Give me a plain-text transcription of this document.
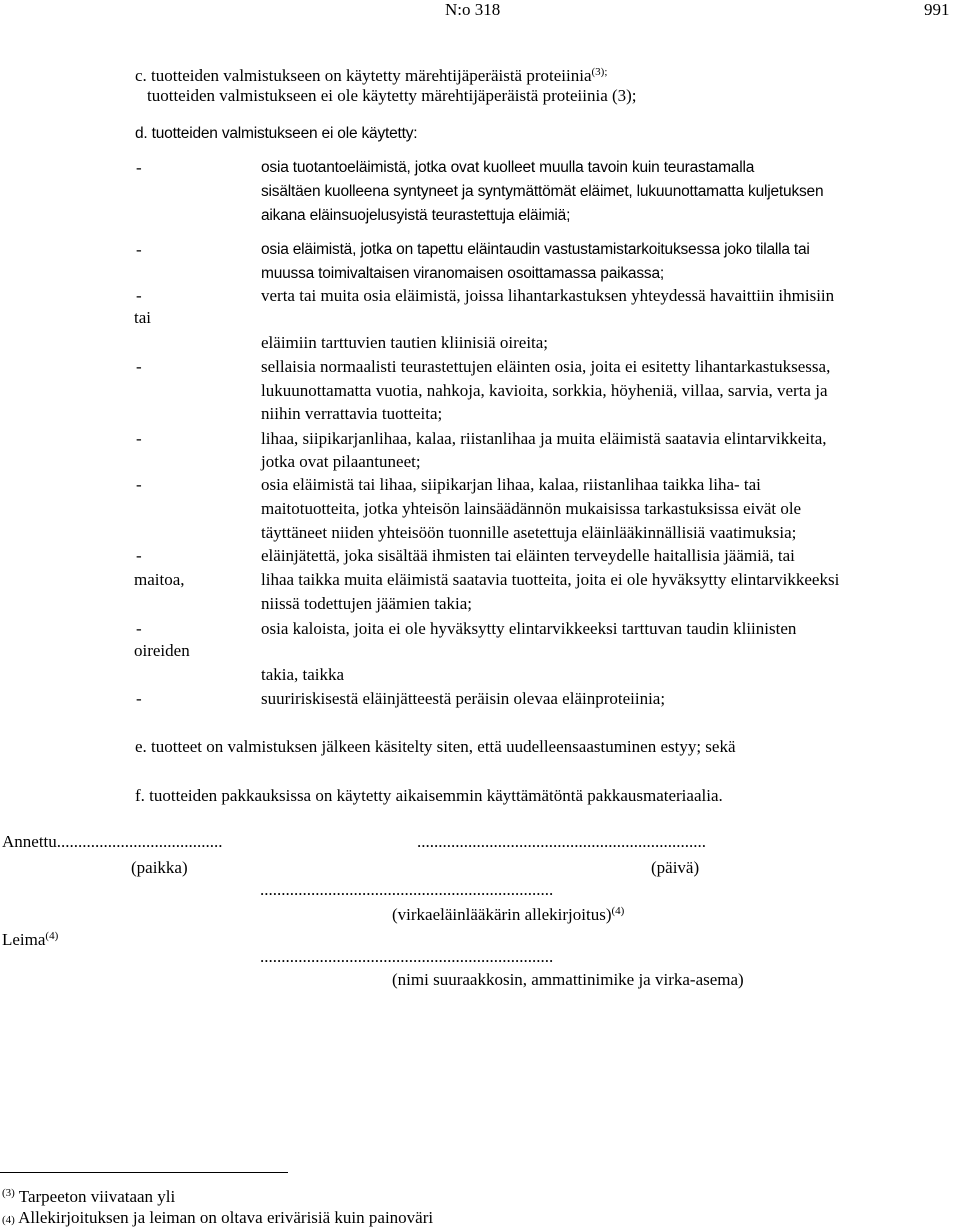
N:o 318	991
c. tuotteiden valmistukseen on käytetty märehtijäperäistä proteiinia$^{(3);}$
tuotteiden valmistukseen ei ole käytetty märehtijäperäistä proteiinia (3);
d. tuotteiden valmistukseen ei ole käytetty:
-	osia tuotantoeläimistä, jotka ovat kuolleet muulla tavoin kuin teurastamalla
sisältäen kuolleena syntyneet ja syntymättömät eläimet, lukuunottamatta kuljetuksen
aikana eläinsuojelusyistä teurastettuja eläimiä;
-	osia eläimistä, jotka on tapettu eläintaudin vastustamistarkoituksessa joko tilalla tai
muussa toimivaltaisen viranomaisen osoittamassa paikassa;
-	verta tai muita osia eläimistä, joissa lihantarkastuksen yhteydessä havaittiin ihmisiin
tai
eläimiin tarttuvien tautien kliinisiä oireita;
-	sellaisia normaalisti teurastettujen eläinten osia, joita ei esitetty lihantarkastuksessa,
lukuunottamatta vuotia, nahkoja, kavioita, sorkkia, höyheniä, villaa, sarvia, verta ja
niihin verrattavia tuotteita;
-	lihaa, siipikarjanlihaa, kalaa, riistanlihaa ja muita eläimistä saatavia elintarvikkeita,
jotka ovat pilaantuneet;
-	osia eläimistä tai lihaa, siipikarjan lihaa, kalaa, riistanlihaa taikka liha- tai
maitotuotteita, jotka yhteisön lainsäädännön mukaisissa tarkastuksissa eivät ole
täyttäneet niiden yhteisöön tuonnille asetettuja eläinlääkinnällisiä vaatimuksia;
-	eläinjätettä, joka sisältää ihmisten tai eläinten terveydelle haitallisia jäämiä, tai
maitoa,	lihaa taikka muita eläimistä saatavia tuotteita, joita ei ole hyväksytty elintarvikkeeksi
niissä todettujen jäämien takia;
-	osia kaloista, joita ei ole hyväksytty elintarvikkeeksi tarttuvan taudin kliinisten
oireiden
takia, taikka
-	suuririskisestä eläinjätteestä peräisin olevaa eläinproteiinia;
e. tuotteet on valmistuksen jälkeen käsitelty siten, että uudelleensaastuminen estyy; sekä
f. tuotteiden pakkauksissa on käytetty aikaisemmin käyttämätöntä pakkausmateriaalia.
Annettu.......................................	....................................................................
(paikka)	(päivä)
.....................................................................
(virkaeläinlääkärin allekirjoitus)$^{(4)}$
Leima$^{(4)}$
.....................................................................
(nimi suuraakkosin, ammattinimike ja virka-asema)
$^{(3)}$ Tarpeeton viivataan yli
(4) Allekirjoituksen ja leiman on oltava erivärisiä kuin painoväri
